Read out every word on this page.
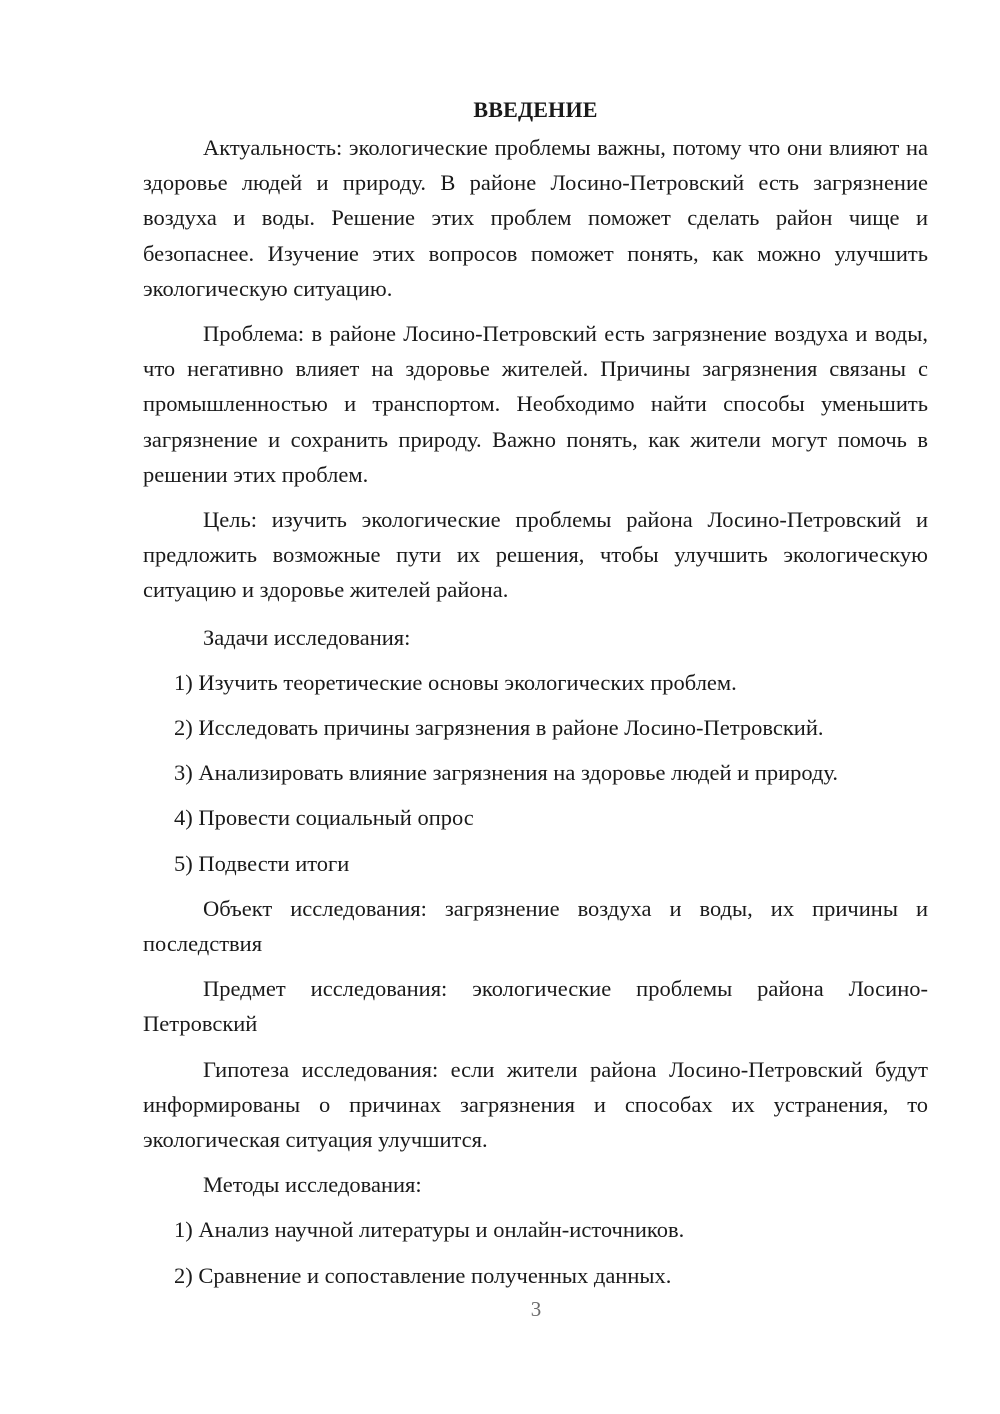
ВВЕДЕНИЕ

Актуальность: экологические проблемы важны, потому что они влияют на здоровье людей и природу. В районе Лосино-Петровский есть загрязнение воздуха и воды. Решение этих проблем поможет сделать район чище и безопаснее. Изучение этих вопросов поможет понять, как можно улучшить экологическую ситуацию.

Проблема: в районе Лосино-Петровский есть загрязнение воздуха и воды, что негативно влияет на здоровье жителей. Причины загрязнения связаны с промышленностью и транспортом. Необходимо найти способы уменьшить загрязнение и сохранить природу. Важно понять, как жители могут помочь в решении этих проблем.

Цель: изучить экологические проблемы района Лосино-Петровский и предложить возможные пути их решения, чтобы улучшить экологическую ситуацию и здоровье жителей района.

Задачи исследования:

1) Изучить теоретические основы экологических проблем.
2) Исследовать причины загрязнения в районе Лосино-Петровский.
3) Анализировать влияние загрязнения на здоровье людей и природу.
4) Провести социальный опрос
5) Подвести итоги

Объект исследования: загрязнение воздуха и воды, их причины и последствия

Предмет исследования: экологические проблемы района Лосино-Петровский

Гипотеза исследования: если жители района Лосино-Петровский будут информированы о причинах загрязнения и способах их устранения, то экологическая ситуация улучшится.

Методы исследования:

1) Анализ научной литературы и онлайн-источников.
2) Сравнение и сопоставление полученных данных.
3
